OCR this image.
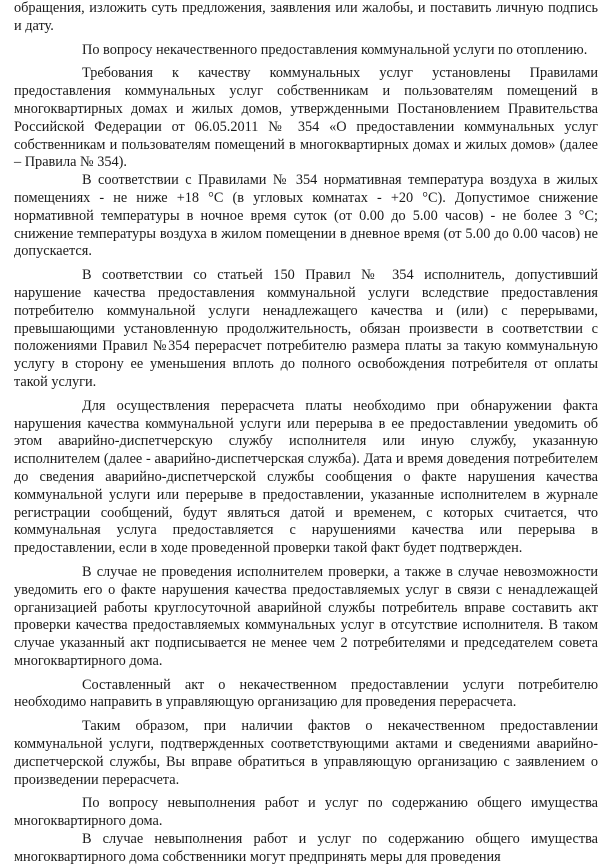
обращения, изложить суть предложения, заявления или жалобы, и поставить личную подпись и дату.

По вопросу некачественного предоставления коммунальной услуги по отоплению.

Требования к качеству коммунальных услуг установлены Правилами предоставления коммунальных услуг собственникам и пользователям помещений в многоквартирных домах и жилых домов, утвержденными Постановлением Правительства Российской Федерации от 06.05.2011 № 354 «О предоставлении коммунальных услуг собственникам и пользователям помещений в многоквартирных домах и жилых домов» (далее – Правила № 354).

В соответствии с Правилами № 354 нормативная температура воздуха в жилых помещениях - не ниже +18 °С (в угловых комнатах - +20 °С). Допустимое снижение нормативной температуры в ночное время суток (от 0.00 до 5.00 часов) - не более 3 °С; снижение температуры воздуха в жилом помещении в дневное время (от 5.00 до 0.00 часов) не допускается.

В соответствии со статьей 150 Правил № 354 исполнитель, допустивший нарушение качества предоставления коммунальной услуги вследствие предоставления потребителю коммунальной услуги ненадлежащего качества и (или) с перерывами, превышающими установленную продолжительность, обязан произвести в соответствии с положениями Правил №354 перерасчет потребителю размера платы за такую коммунальную услугу в сторону ее уменьшения вплоть до полного освобождения потребителя от оплаты такой услуги.

Для осуществления перерасчета платы необходимо при обнаружении факта нарушения качества коммунальной услуги или перерыва в ее предоставлении уведомить об этом аварийно-диспетчерскую службу исполнителя или иную службу, указанную исполнителем (далее - аварийно-диспетчерская служба). Дата и время доведения потребителем до сведения аварийно-диспетчерской службы сообщения о факте нарушения качества коммунальной услуги или перерыве в предоставлении, указанные исполнителем в журнале регистрации сообщений, будут являться датой и временем, с которых считается, что коммунальная услуга предоставляется с нарушениями качества или перерыва в предоставлении, если в ходе проведенной проверки такой факт будет подтвержден.

В случае не проведения исполнителем проверки, а также в случае невозможности уведомить его о факте нарушения качества предоставляемых услуг в связи с ненадлежащей организацией работы круглосуточной аварийной службы потребитель вправе составить акт проверки качества предоставляемых коммунальных услуг в отсутствие исполнителя. В таком случае указанный акт подписывается не менее чем 2 потребителями и председателем совета многоквартирного дома.

Составленный акт о некачественном предоставлении услуги потребителю необходимо направить в управляющую организацию для проведения перерасчета.

Таким образом, при наличии фактов о некачественном предоставлении коммунальной услуги, подтвержденных соответствующими актами и сведениями аварийно-диспетчерской службы, Вы вправе обратиться в управляющую организацию с заявлением о произведении перерасчета.

По вопросу невыполнения работ и услуг по содержанию общего имущества многоквартирного дома.

В случае невыполнения работ и услуг по содержанию общего имущества многоквартирного дома собственники могут предпринять меры для проведения
